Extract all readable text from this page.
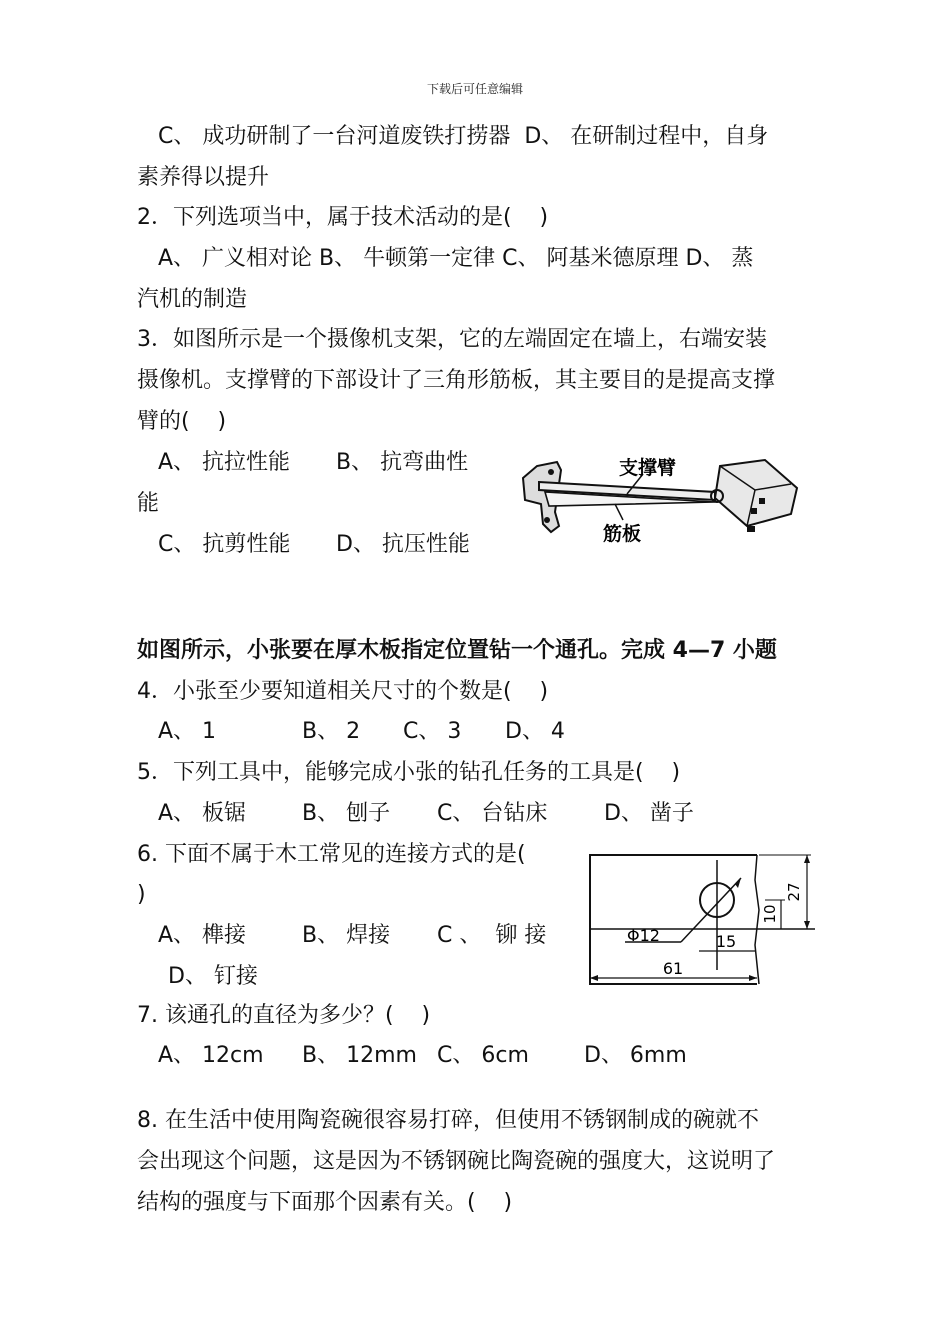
下载后可任意编辑
C、 成功研制了一台河道废铁打捞器  D、 在研制过程中，自身
素养得以提升
2．下列选项当中，属于技术活动的是(    )
A、 广义相对论 B、 牛顿第一定律 C、 阿基米德原理 D、 蒸
汽机的制造
3．如图所示是一个摄像机支架，它的左端固定在墙上，右端安装
摄像机。支撑臂的下部设计了三角形筋板，其主要目的是提高支撑
臂的(    )
A、 抗拉性能 B、 抗弯曲性
能
C、 抗剪性能 D、 抗压性能
支撑臂
筋板
如图所示，小张要在厚木板指定位置钻一个通孔。完成 4—7 小题
4．小张至少要知道相关尺寸的个数是(    )
A、 1	B、 2 C、 3 D、 4
5．下列工具中，能够完成小张的钻孔任务的工具是(    )
A、 板锯	B、 刨子 C、 台钻床	D、 凿子
6. 下面不属于木工常见的连接方式的是(
)
A、 榫接	B、 焊接 C 、  铆 接
D、 钉接
Φ12	15
61
10
27
7. 该通孔的直径为多少？(    )
A、 12cm B、 12mm C、 6cm	D、 6mm
8. 在生活中使用陶瓷碗很容易打碎，但使用不锈钢制成的碗就不
会出现这个问题，这是因为不锈钢碗比陶瓷碗的强度大，这说明了
结构的强度与下面那个因素有关。(    )
